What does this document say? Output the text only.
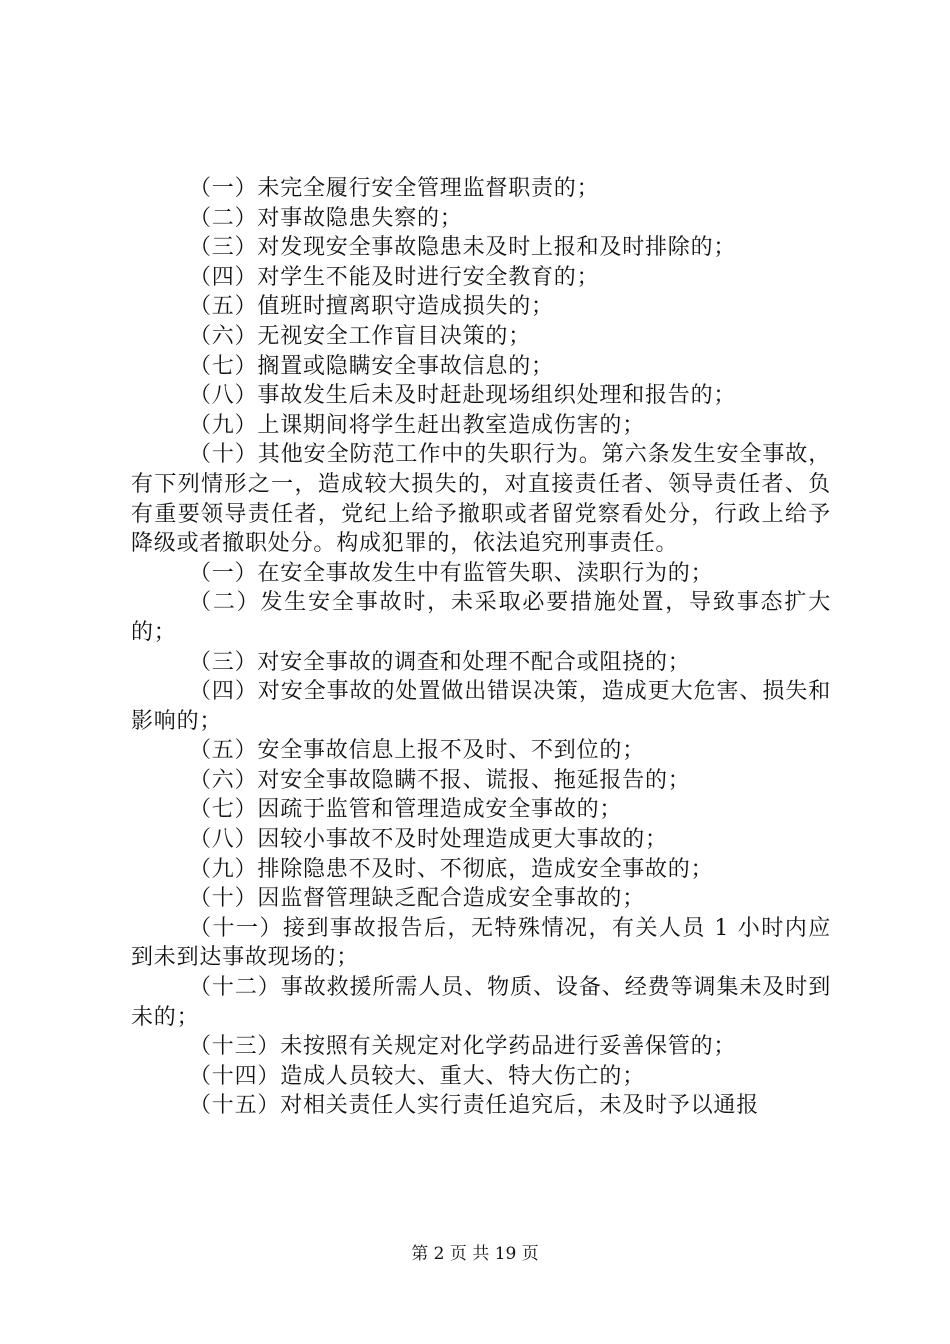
（一）未完全履行安全管理监督职责的；

（二）对事故隐患失察的；

（三）对发现安全事故隐患未及时上报和及时排除的；

（四）对学生不能及时进行安全教育的；

（五）值班时擅离职守造成损失的；

（六）无视安全工作盲目决策的；

（七）搁置或隐瞒安全事故信息的；

（八）事故发生后未及时赶赴现场组织处理和报告的；

（九）上课期间将学生赶出教室造成伤害的；

（十）其他安全防范工作中的失职行为。第六条发生安全事故，有下列情形之一，造成较大损失的，对直接责任者、领导责任者、负有重要领导责任者，党纪上给予撤职或者留党察看处分，行政上给予降级或者撤职处分。构成犯罪的，依法追究刑事责任。

（一）在安全事故发生中有监管失职、渎职行为的；

（二）发生安全事故时，未采取必要措施处置，导致事态扩大的；

（三）对安全事故的调查和处理不配合或阻挠的；

（四）对安全事故的处置做出错误决策，造成更大危害、损失和影响的；

（五）安全事故信息上报不及时、不到位的；

（六）对安全事故隐瞒不报、谎报、拖延报告的；

（七）因疏于监管和管理造成安全事故的；

（八）因较小事故不及时处理造成更大事故的；

（九）排除隐患不及时、不彻底，造成安全事故的；

（十）因监督管理缺乏配合造成安全事故的；

（十一）接到事故报告后，无特殊情况，有关人员 1 小时内应到未到达事故现场的；

（十二）事故救援所需人员、物质、设备、经费等调集未及时到未的；

（十三）未按照有关规定对化学药品进行妥善保管的；

（十四）造成人员较大、重大、特大伤亡的；

（十五）对相关责任人实行责任追究后，未及时予以通报

第 2 页 共 19 页
